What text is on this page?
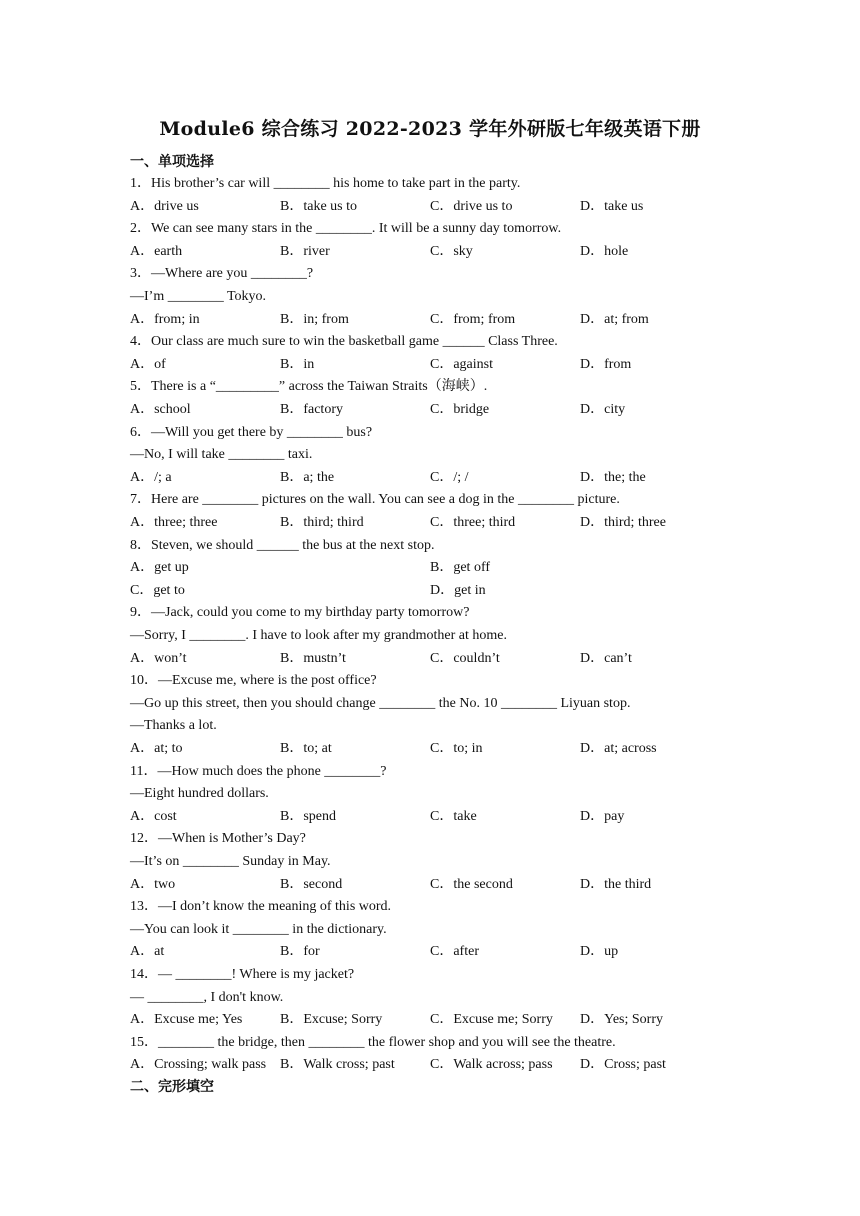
Module6 综合练习 2022-2023 学年外研版七年级英语下册
一、单项选择
1．His brother’s car will ________ his home to take part in the party.
A．drive us	B．take us to	C．drive us to	D．take us
2．We can see many stars in the ________. It will be a sunny day tomorrow.
A．earth	B．river	C．sky	D．hole
3．—Where are you ________?
—I’m ________ Tokyo.
A．from; in	B．in; from	C．from; from	D．at; from
4．Our class are much sure to win the basketball game ______ Class Three.
A．of	B．in	C．against	D．from
5．There is a “_________” across the Taiwan Straits（海峡）.
A．school	B．factory	C．bridge	D．city
6．—Will you get there by ________ bus?
—No, I will take ________ taxi.
A．/; a	B．a; the	C．/; /	D．the; the
7．Here are ________ pictures on the wall. You can see a dog in the ________ picture.
A．three; three	B．third; third	C．three; third	D．third; three
8．Steven, we should ______ the bus at the next stop.
A．get up	B．get off
C．get to	D．get in
9．—Jack, could you come to my birthday party tomorrow?
—Sorry, I ________. I have to look after my grandmother at home.
A．won’t	B．mustn’t	C．couldn’t	D．can’t
10．—Excuse me, where is the post office?
—Go up this street, then you should change ________ the No. 10 ________ Liyuan stop.
—Thanks a lot.
A．at; to	B．to; at	C．to; in	D．at; across
11．—How much does the phone ________?
—Eight hundred dollars.
A．cost	B．spend	C．take	D．pay
12．—When is Mother’s Day?
—It’s on ________ Sunday in May.
A．two	B．second	C．the second	D．the third
13．—I don’t know the meaning of this word.
—You can look it ________ in the dictionary.
A．at	B．for	C．after	D．up
14．— ________! Where is my jacket?
— ________, I don't know.
A．Excuse me; Yes	B．Excuse; Sorry	C．Excuse me; Sorry D．Yes; Sorry
15．________ the bridge, then ________ the flower shop and you will see the theatre.
A．Crossing; walk pass B．Walk cross; past	C．Walk across; pass D．Cross; past
二、完形填空
